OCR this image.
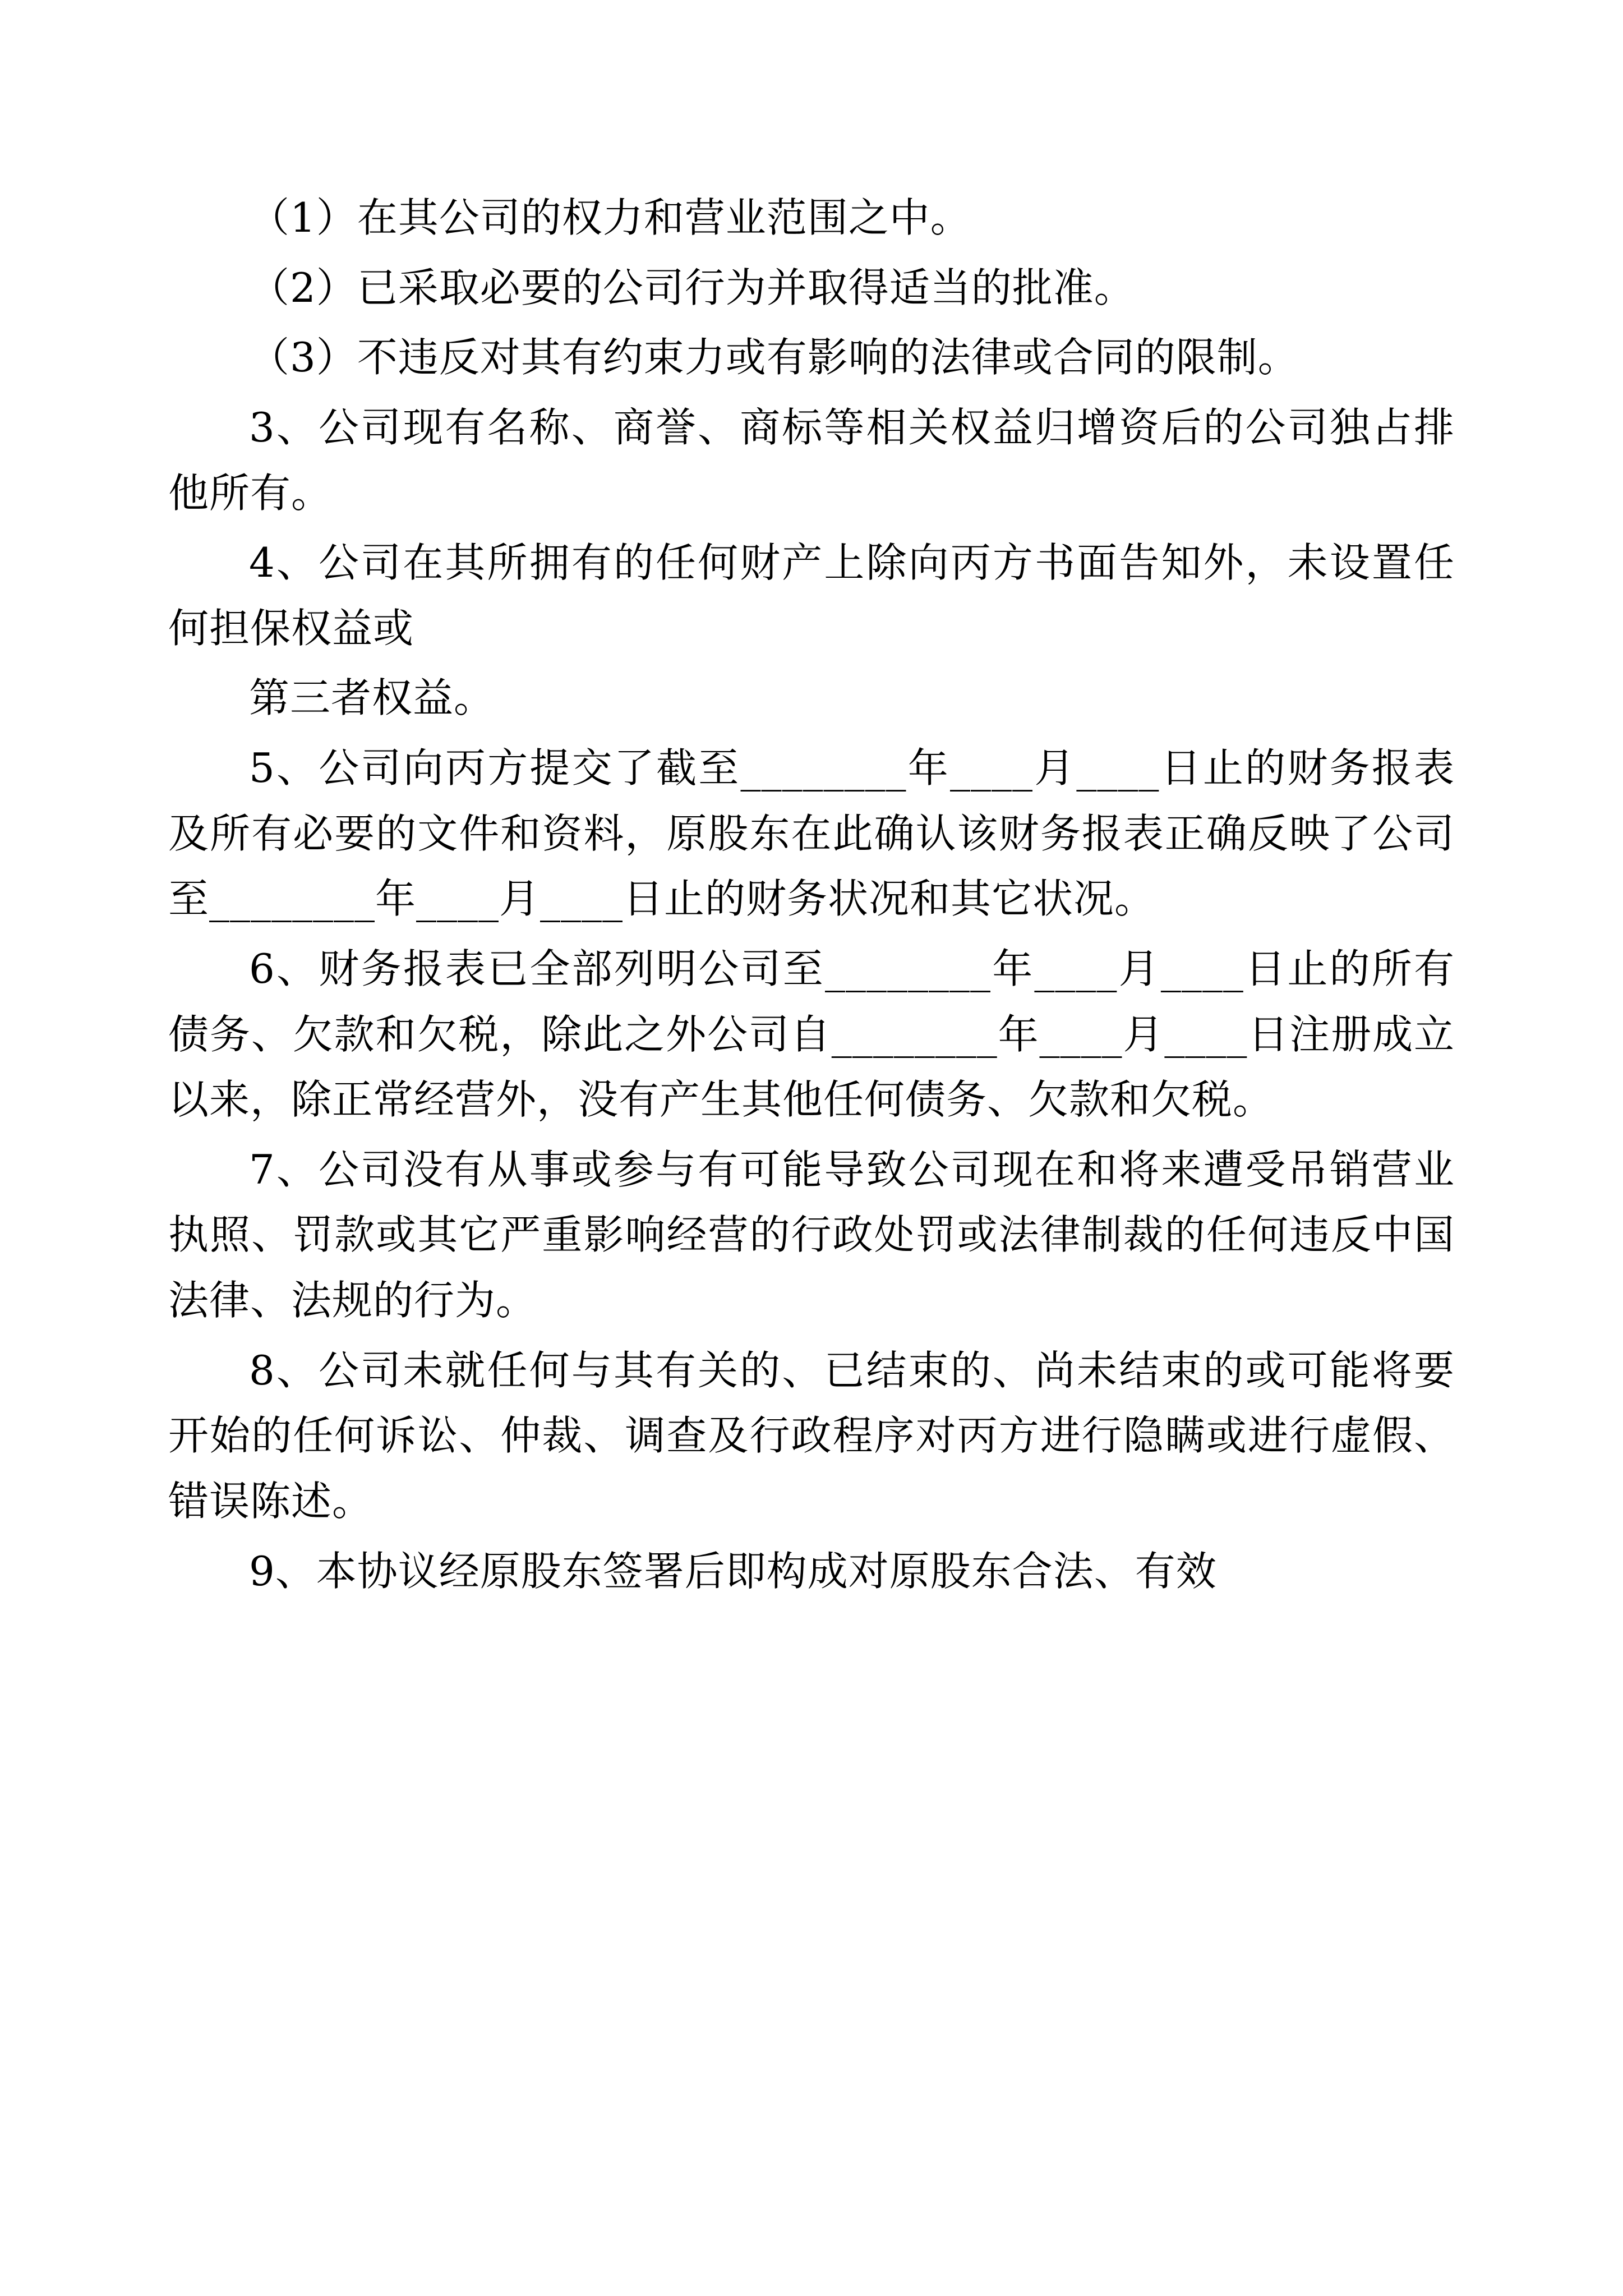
（1）在其公司的权力和营业范围之中。

（2）已采取必要的公司行为并取得适当的批准。

（3）不违反对其有约束力或有影响的法律或合同的限制。

3、公司现有名称、商誉、商标等相关权益归增资后的公司独占排他所有。

4、公司在其所拥有的任何财产上除向丙方书面告知外，未设置任何担保权益或

第三者权益。

5、公司向丙方提交了截至________年____月____日止的财务报表及所有必要的文件和资料，原股东在此确认该财务报表正确反映了公司至________年____月____日止的财务状况和其它状况。

6、财务报表已全部列明公司至________年____月____日止的所有债务、欠款和欠税，除此之外公司自________年____月____日注册成立以来，除正常经营外，没有产生其他任何债务、欠款和欠税。

7、公司没有从事或参与有可能导致公司现在和将来遭受吊销营业执照、罚款或其它严重影响经营的行政处罚或法律制裁的任何违反中国法律、法规的行为。

8、公司未就任何与其有关的、已结束的、尚未结束的或可能将要开始的任何诉讼、仲裁、调查及行政程序对丙方进行隐瞒或进行虚假、错误陈述。

9、本协议经原股东签署后即构成对原股东合法、有效
